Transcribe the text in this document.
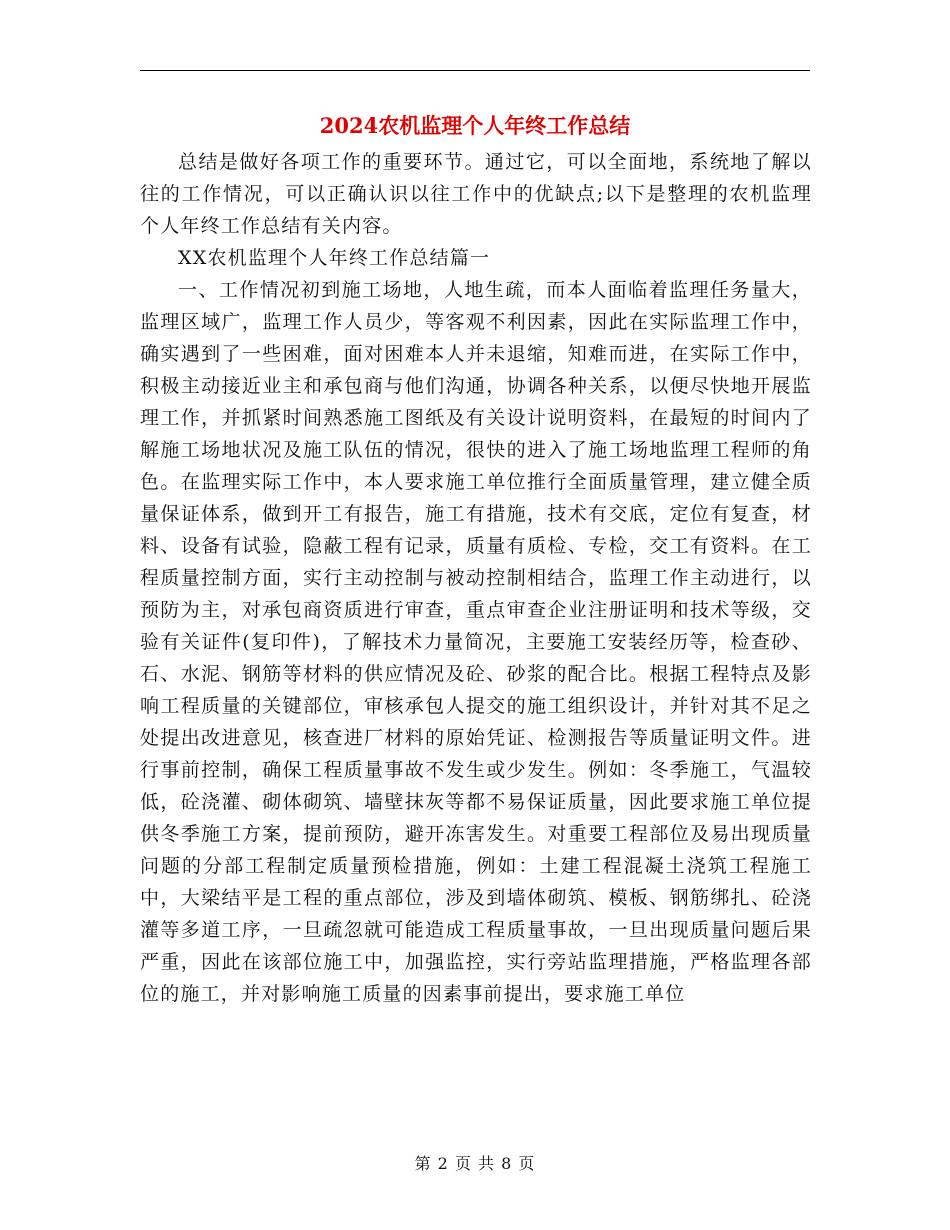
2024农机监理个人年终工作总结

总结是做好各项工作的重要环节。通过它，可以全面地，系统地了解以往的工作情况，可以正确认识以往工作中的优缺点;以下是整理的农机监理个人年终工作总结有关内容。

XX农机监理个人年终工作总结篇一

一、工作情况初到施工场地，人地生疏，而本人面临着监理任务量大，监理区域广，监理工作人员少，等客观不利因素，因此在实际监理工作中，确实遇到了一些困难，面对困难本人并未退缩，知难而进，在实际工作中，积极主动接近业主和承包商与他们沟通，协调各种关系，以便尽快地开展监理工作，并抓紧时间熟悉施工图纸及有关设计说明资料，在最短的时间内了解施工场地状况及施工队伍的情况，很快的进入了施工场地监理工程师的角色。在监理实际工作中，本人要求施工单位推行全面质量管理，建立健全质量保证体系，做到开工有报告，施工有措施，技术有交底，定位有复查，材料、设备有试验，隐蔽工程有记录，质量有质检、专检，交工有资料。在工程质量控制方面，实行主动控制与被动控制相结合，监理工作主动进行，以预防为主，对承包商资质进行审查，重点审查企业注册证明和技术等级，交验有关证件(复印件)，了解技术力量简况，主要施工安装经历等，检查砂、石、水泥、钢筋等材料的供应情况及砼、砂浆的配合比。根据工程特点及影响工程质量的关键部位，审核承包人提交的施工组织设计，并针对其不足之处提出改进意见，核查进厂材料的原始凭证、检测报告等质量证明文件。进行事前控制，确保工程质量事故不发生或少发生。例如：冬季施工，气温较低，砼浇灌、砌体砌筑、墙壁抹灰等都不易保证质量，因此要求施工单位提供冬季施工方案，提前预防，避开冻害发生。对重要工程部位及易出现质量问题的分部工程制定质量预检措施，例如：土建工程混凝土浇筑工程施工中，大梁结平是工程的重点部位，涉及到墙体砌筑、模板、钢筋绑扎、砼浇灌等多道工序，一旦疏忽就可能造成工程质量事故，一旦出现质量问题后果严重，因此在该部位施工中，加强监控，实行旁站监理措施，严格监理各部位的施工，并对影响施工质量的因素事前提出，要求施工单位

第 2 页 共 8 页
